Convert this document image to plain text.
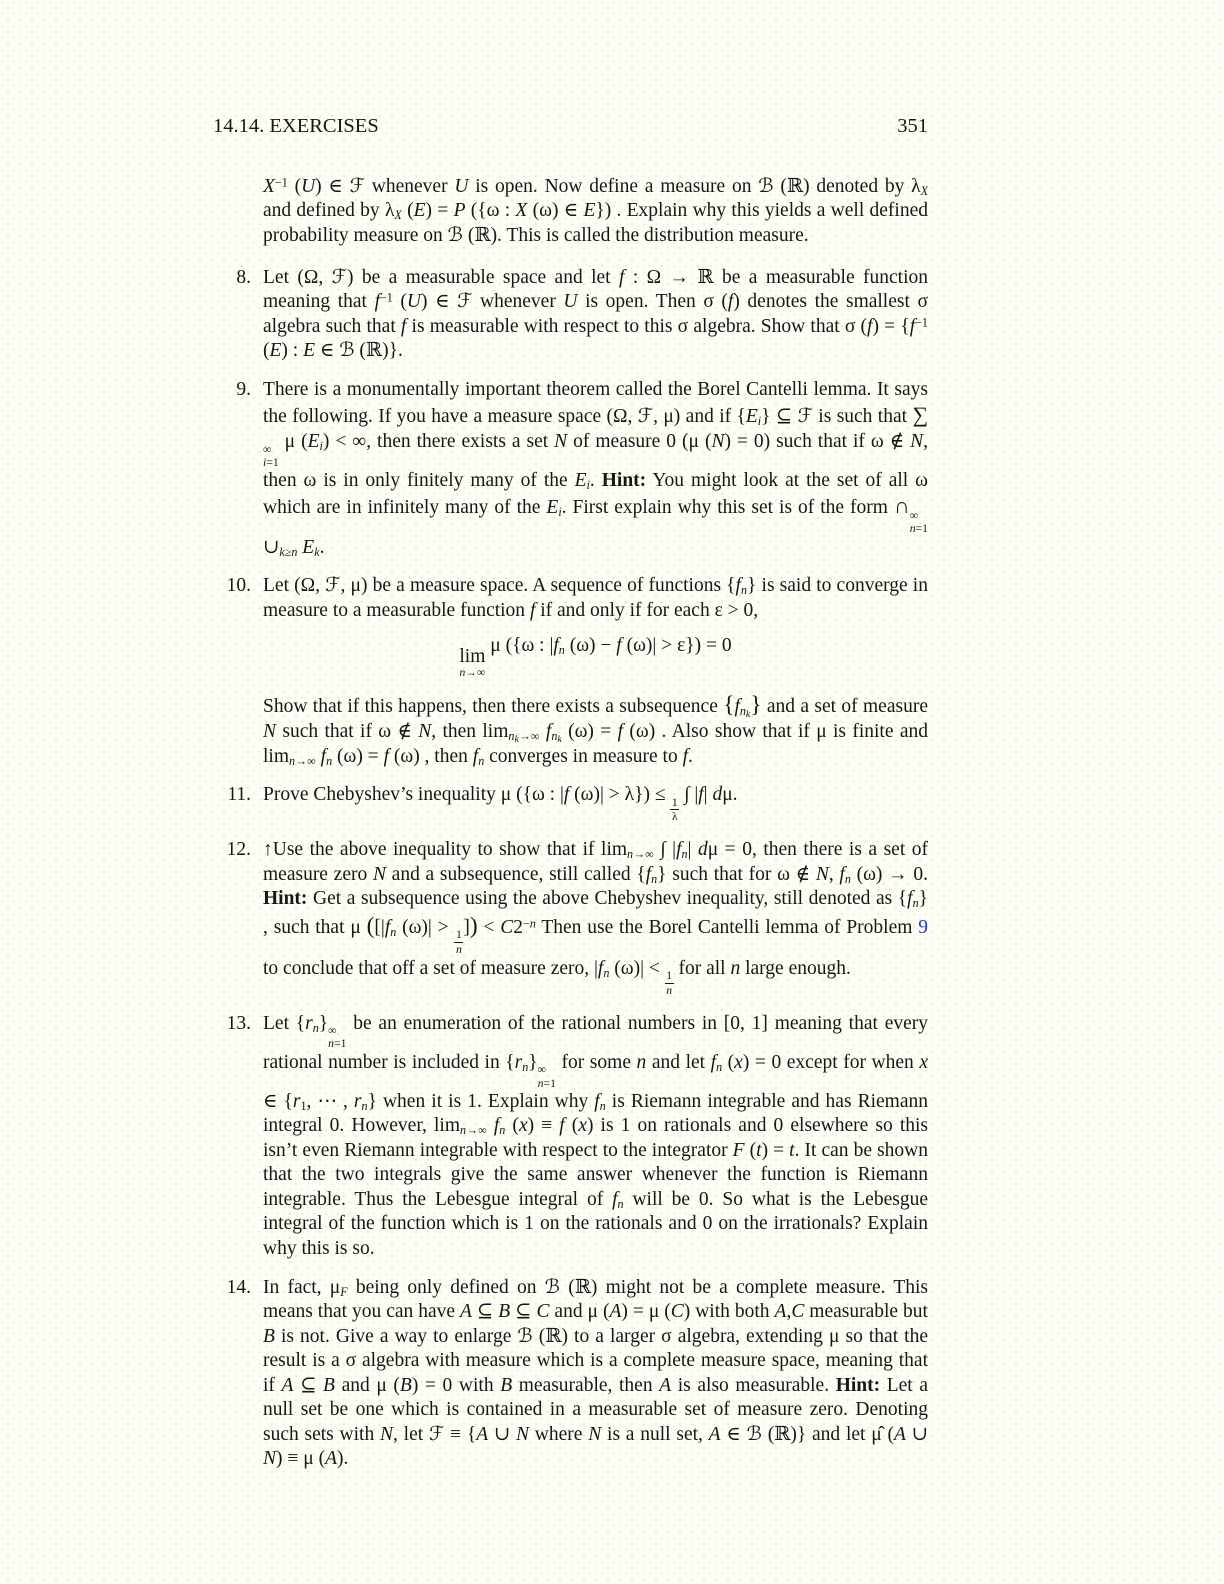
14.14. EXERCISES	351
$X^{-1}$ (U) ∈ ℱ whenever U is open. Now define a measure on ℬ (ℝ) denoted by $\lambda_X$ and defined by $\lambda_X$ (E) = P ({ω : X (ω) ∈ E}) . Explain why this yields a well defined probability measure on ℬ (ℝ). This is called the distribution measure.
8. Let (Ω, ℱ) be a measurable space and let f : Ω → ℝ be a measurable function meaning that $f^{-1}$ (U) ∈ ℱ whenever U is open. Then σ (f) denotes the smallest σ algebra such that f is measurable with respect to this σ algebra. Show that σ $(f) = \{f^{-1}$ (E) : E ∈ ℬ (ℝ)}.
9. There is a monumentally important theorem called the Borel Cantelli lemma. It says the following. If you have a measure space (Ω, ℱ, μ) and if $\{E_i\}$ ⊆ ℱ is such that ∑
∞
i=1
μ $(E_i)$ < ∞, then there exists a set N of measure 0 (μ (N) = 0) such that if ω ∉ N, then ω is in only finitely many of the $E_i$. Hint: You might look at the set of all ω which are in infinitely many of the $E_i$. First explain why this set is of the form ∩ ∞
n=1
$\cup_{k\ge n}$ $E_k$.
10. Let (Ω, ℱ, μ) be a measure space. A sequence of functions $\{f_n\}$ is said to converge in measure to a measurable function f if and only if for each ε > 0,
lim
n→∞
μ ({ω : $|f_n$ (ω) − f (ω)| > ε}) = 0
Show that if this happens, then there exists a subsequence $\{f_{n_k}\}$ and a set of measure N such that if ω ∉ N, then $\lim_{n_k\to\infty} f_{n_k}$ (ω) = f (ω) . Also show that if μ is finite and $\lim_{n\to\infty} f_n$ (ω) = f (ω) , then $f_n$ converges in measure to f.
11. Prove Chebyshev’s inequality μ ({ω : |f (ω)| > λ}) ≤
$\frac{1}{\lambda}$
∫ |f| dμ.
12. ↑Use the above inequality to show that if $\lim_{n\to\infty}$ ∫ $|f_n|$ dμ = 0, then there is a set of measure zero N and a subsequence, still called $\{f_n\}$ such that for ω ∉ N, $f_n$ (ω) → 0. Hint: Get a subsequence using the above Chebyshev inequality, still denoted as $\{f_n\}$ , such that μ ([$|f_n$ (ω)| >
$\frac{1}{n}$
]) < $C2^{-n}$ Then use the Borel Cantelli lemma of Problem 9 to conclude that off a set of measure zero, $|f_n$ (ω)| <
$\frac{1}{n}$
for all n large enough.
13. Let $\{r_n\}$ ∞
n=1
be an enumeration of the rational numbers in [0, 1] meaning that every rational number is included in $\{r_n\}$ ∞
n=1
for some n and let $f_n$ (x) = 0 except for when x ∈ {$r_1$, ⋯ , $r_n$} when it is 1. Explain why $f_n$ is Riemann integrable and has Riemann integral 0. However, $\lim_{n\to\infty} f_n$ (x) ≡ f (x) is 1 on rationals and 0 elsewhere so this isn’t even Riemann integrable with respect to the integrator F (t) = t. It can be shown that the two integrals give the same answer whenever the function is Riemann integrable. Thus the Lebesgue integral of $f_n$ will be 0. So what is the Lebesgue integral of the function which is 1 on the rationals and 0 on the irrationals? Explain why this is so.
14. In fact, $\mu_F$ being only defined on ℬ (ℝ) might not be a complete measure. This means that you can have A ⊆ B ⊆ C and μ (A) = μ (C) with both A,C measurable but B is not. Give a way to enlarge ℬ (ℝ) to a larger σ algebra, extending μ so that the result is a σ algebra with measure which is a complete measure space, meaning that if A ⊆ B and μ (B) = 0 with B measurable, then A is also measurable. Hint: Let a null set be one which is contained in a measurable set of measure zero. Denoting such sets with N, let ℱ ≡ {A ∪ N where N is a null set, A ∈ ℬ (ℝ)} and let μ̂ (A ∪ N) ≡ μ (A).
